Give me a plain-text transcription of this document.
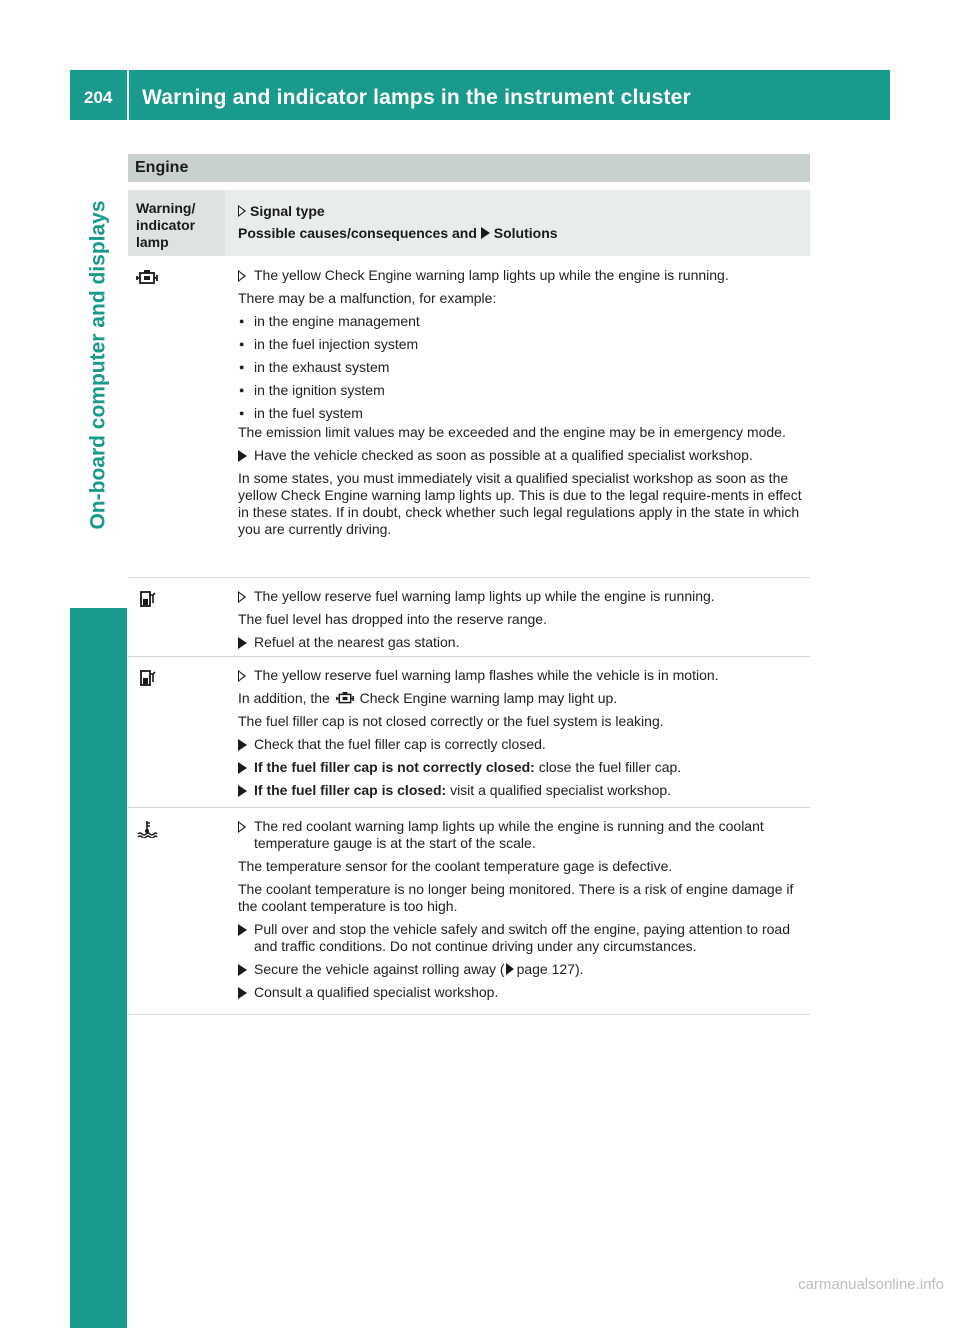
204 Warning and indicator lamps in the instrument cluster
On-board computer and displays
Engine
Warning/
indicator
lamp
Signal type
Possible causes/consequences and Solutions
The yellow Check Engine warning lamp lights up while the engine is running.

There may be a malfunction, for example:

● in the engine management
● in the fuel injection system
● in the exhaust system
● in the ignition system
● in the fuel system

The emission limit values may be exceeded and the engine may be in emergency mode.

Have the vehicle checked as soon as possible at a qualified specialist workshop.

In some states, you must immediately visit a qualified specialist workshop as soon as the yellow Check Engine warning lamp lights up. This is due to the legal require-ments in effect in these states. If in doubt, check whether such legal regulations apply in the state in which you are currently driving.

The yellow reserve fuel warning lamp lights up while the engine is running.

The fuel level has dropped into the reserve range.

Refuel at the nearest gas station.
The yellow reserve fuel warning lamp flashes while the vehicle is in motion.

In addition, the Check Engine warning lamp may light up.

The fuel filler cap is not closed correctly or the fuel system is leaking.

Check that the fuel filler cap is correctly closed.
If the fuel filler cap is not correctly closed: close the fuel filler cap.
If the fuel filler cap is closed: visit a qualified specialist workshop.
The red coolant warning lamp lights up while the engine is running and the coolant temperature gauge is at the start of the scale.

The temperature sensor for the coolant temperature gage is defective.

The coolant temperature is no longer being monitored. There is a risk of engine damage if the coolant temperature is too high.

Pull over and stop the vehicle safely and switch off the engine, paying attention to road and traffic conditions. Do not continue driving under any circumstances.
Secure the vehicle against rolling away ( page 127).
Consult a qualified specialist workshop.
carmanualsonline.info
